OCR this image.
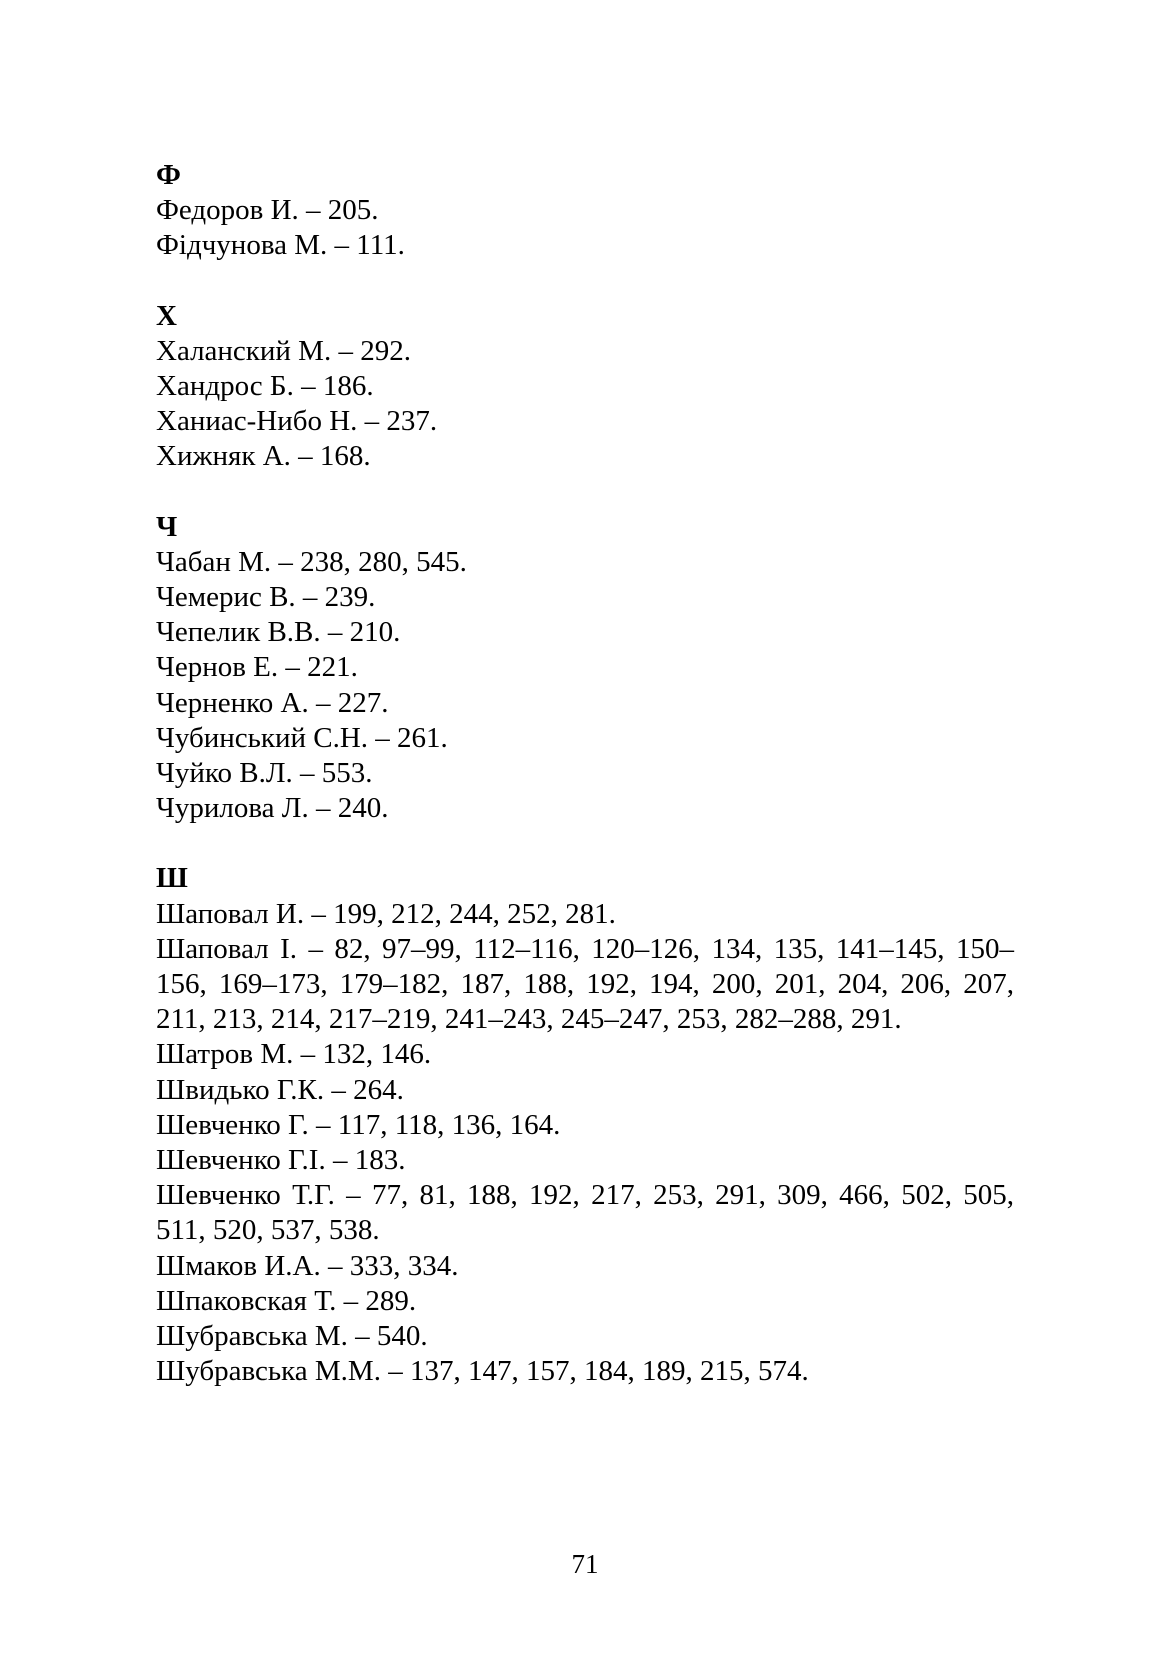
Ф
Федоров И. – 205.
Фідчунова М. – 111.
Х
Халанский М. – 292.
Хандрос Б. – 186.
Ханиас-Нибо Н. – 237.
Хижняк А. – 168.
Ч
Чабан М. – 238, 280, 545.
Чемерис В. – 239.
Чепелик В.В. – 210.
Чернов Е. – 221.
Черненко А. – 227.
Чубинський С.Н. – 261.
Чуйко В.Л. – 553.
Чурилова Л. – 240.
Ш
Шаповал И. – 199, 212, 244, 252, 281.
Шаповал І. – 82, 97–99, 112–116, 120–126, 134, 135, 141–145, 150–156, 169–173, 179–182, 187, 188, 192, 194, 200, 201, 204, 206, 207, 211, 213, 214, 217–219, 241–243, 245–247, 253, 282–288, 291.
Шатров М. – 132, 146.
Швидько Г.К. – 264.
Шевченко Г. – 117, 118, 136, 164.
Шевченко Г.І. – 183.
Шевченко Т.Г. – 77, 81, 188, 192, 217, 253, 291, 309, 466, 502, 505, 511, 520, 537, 538.
Шмаков И.А. – 333, 334.
Шпаковская Т. – 289.
Шубравська М. – 540.
Шубравська М.М. – 137, 147, 157, 184, 189, 215, 574.
71
